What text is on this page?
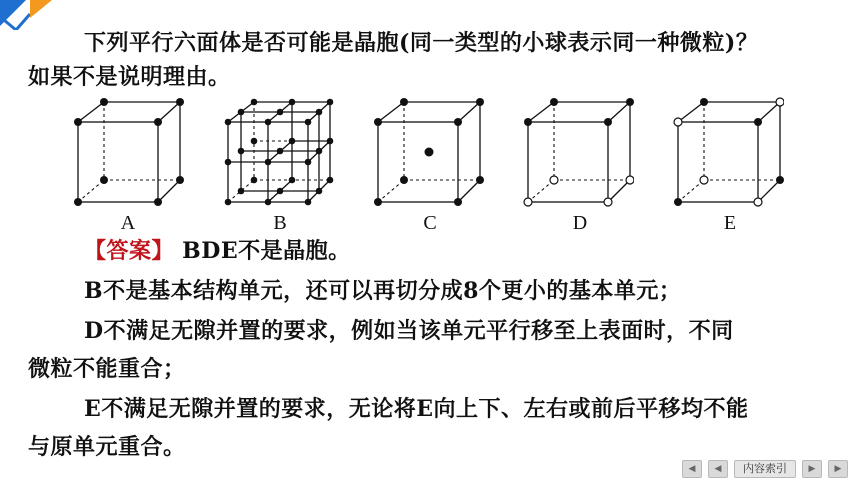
下列平行六面体是否可能是晶胞(同一类型的小球表示同一种微粒)？
如果不是说明理由。
A	B	C	D	E
【答案】 BDE不是晶胞。
B不是基本结构单元，还可以再切分成8个更小的基本单元；
D不满足无隙并置的要求，例如当该单元平行移至上表面时，不同
微粒不能重合；
E不满足无隙并置的要求，无论将E向上下、左右或前后平移均不能
与原单元重合。
◀	◀	内容索引	▶	▶
